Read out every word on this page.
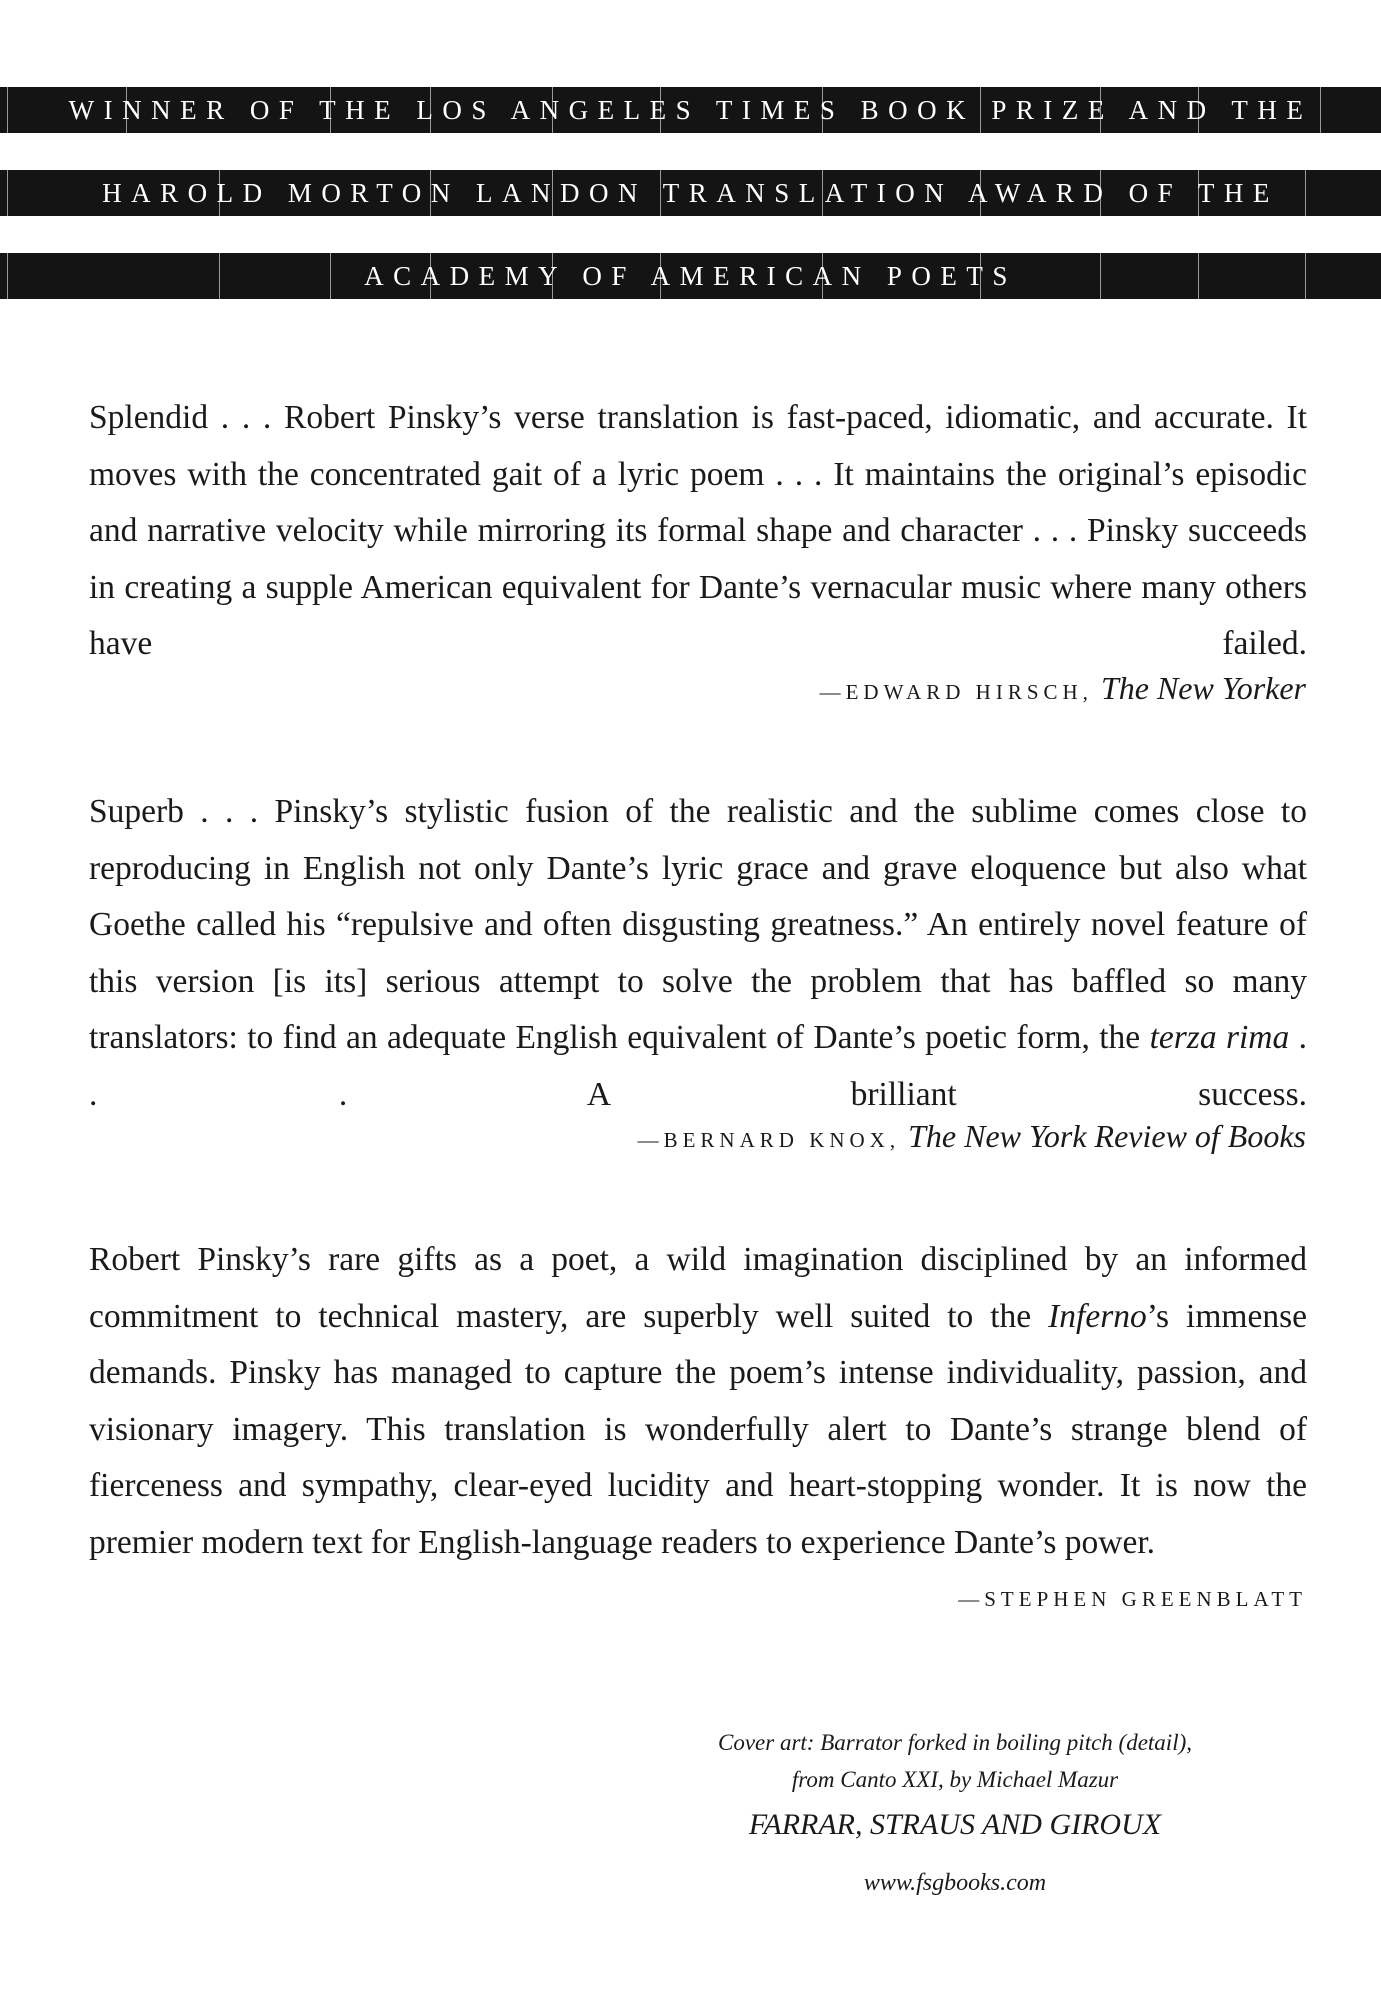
WINNER OF THE LOS ANGELES TIMES BOOK PRIZE AND THE
HAROLD MORTON LANDON TRANSLATION AWARD OF THE
ACADEMY OF AMERICAN POETS

Splendid . . . Robert Pinsky’s verse translation is fast-paced, idiomatic, and accurate. It moves with the concentrated gait of a lyric poem . . . It maintains the original’s episodic and narrative velocity while mirroring its formal shape and character . . . Pinsky succeeds in creating a supple American equivalent for Dante’s vernacular music where many others have failed.

—EDWARD HIRSCH, The New Yorker

Superb . . . Pinsky’s stylistic fusion of the realistic and the sublime comes close to reproducing in English not only Dante’s lyric grace and grave eloquence but also what Goethe called his “repulsive and often disgusting greatness.” An entirely novel feature of this version [is its] serious attempt to solve the problem that has baffled so many translators: to find an adequate English equivalent of Dante’s poetic form, the terza rima . . . A brilliant success.

—BERNARD KNOX, The New York Review of Books

Robert Pinsky’s rare gifts as a poet, a wild imagination disciplined by an informed commitment to technical mastery, are superbly well suited to the Inferno’s immense demands. Pinsky has managed to capture the poem’s intense individuality, passion, and visionary imagery. This translation is wonderfully alert to Dante’s strange blend of fierceness and sympathy, clear-eyed lucidity and heart-stopping wonder. It is now the premier modern text for English-language readers to experience Dante’s power.
—STEPHEN GREENBLATT

Cover art: Barrator forked in boiling pitch (detail),
from Canto XXI, by Michael Mazur
FARRAR, STRAUS AND GIROUX
www.fsgbooks.com
